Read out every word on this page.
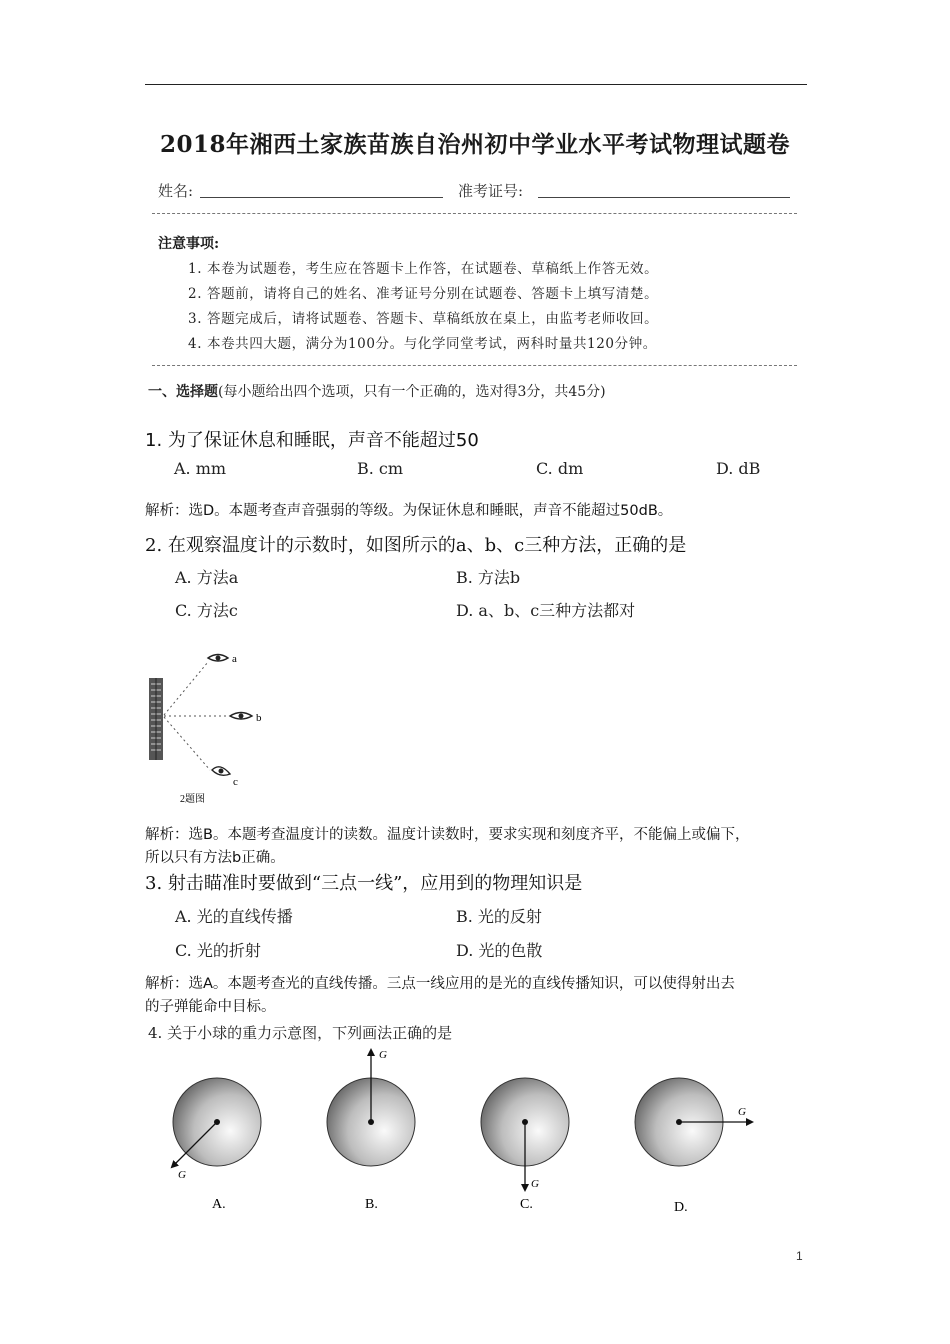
2018年湘西土家族苗族自治州初中学业水平考试物理试题卷
姓名:	准考证号:
注意事项:
1. 本卷为试题卷，考生应在答题卡上作答，在试题卷、草稿纸上作答无效。
2. 答题前，请将自己的姓名、准考证号分别在试题卷、答题卡上填写清楚。
3. 答题完成后，请将试题卷、答题卡、草稿纸放在桌上，由监考老师收回。
4. 本卷共四大题，满分为100分。与化学同堂考试，两科时量共120分钟。
一、选择题(每小题给出四个选项，只有一个正确的，选对得3分，共45分)
1. 为了保证休息和睡眠，声音不能超过50
A. mm	B. cm	C. dm	D. dB
解析：选D。本题考查声音强弱的等级。为保证休息和睡眠，声音不能超过50dB。
2. 在观察温度计的示数时，如图所示的a、b、c三种方法，正确的是
A. 方法a	B. 方法b
C. 方法c	D. a、b、c三种方法都对
a
b
c
2题图
解析：选B。本题考查温度计的读数。温度计读数时，要求实现和刻度齐平，不能偏上或偏下，
所以只有方法b正确。
3. 射击瞄准时要做到“三点一线”，应用到的物理知识是
A. 光的直线传播	B. 光的反射
C. 光的折射	D. 光的色散
解析：选A。本题考查光的直线传播。三点一线应用的是光的直线传播知识，可以使得射出去
的子弹能命中目标。
4. 关于小球的重力示意图，下列画法正确的是
G
A.
G
B.
G
C.
G
D.
1
